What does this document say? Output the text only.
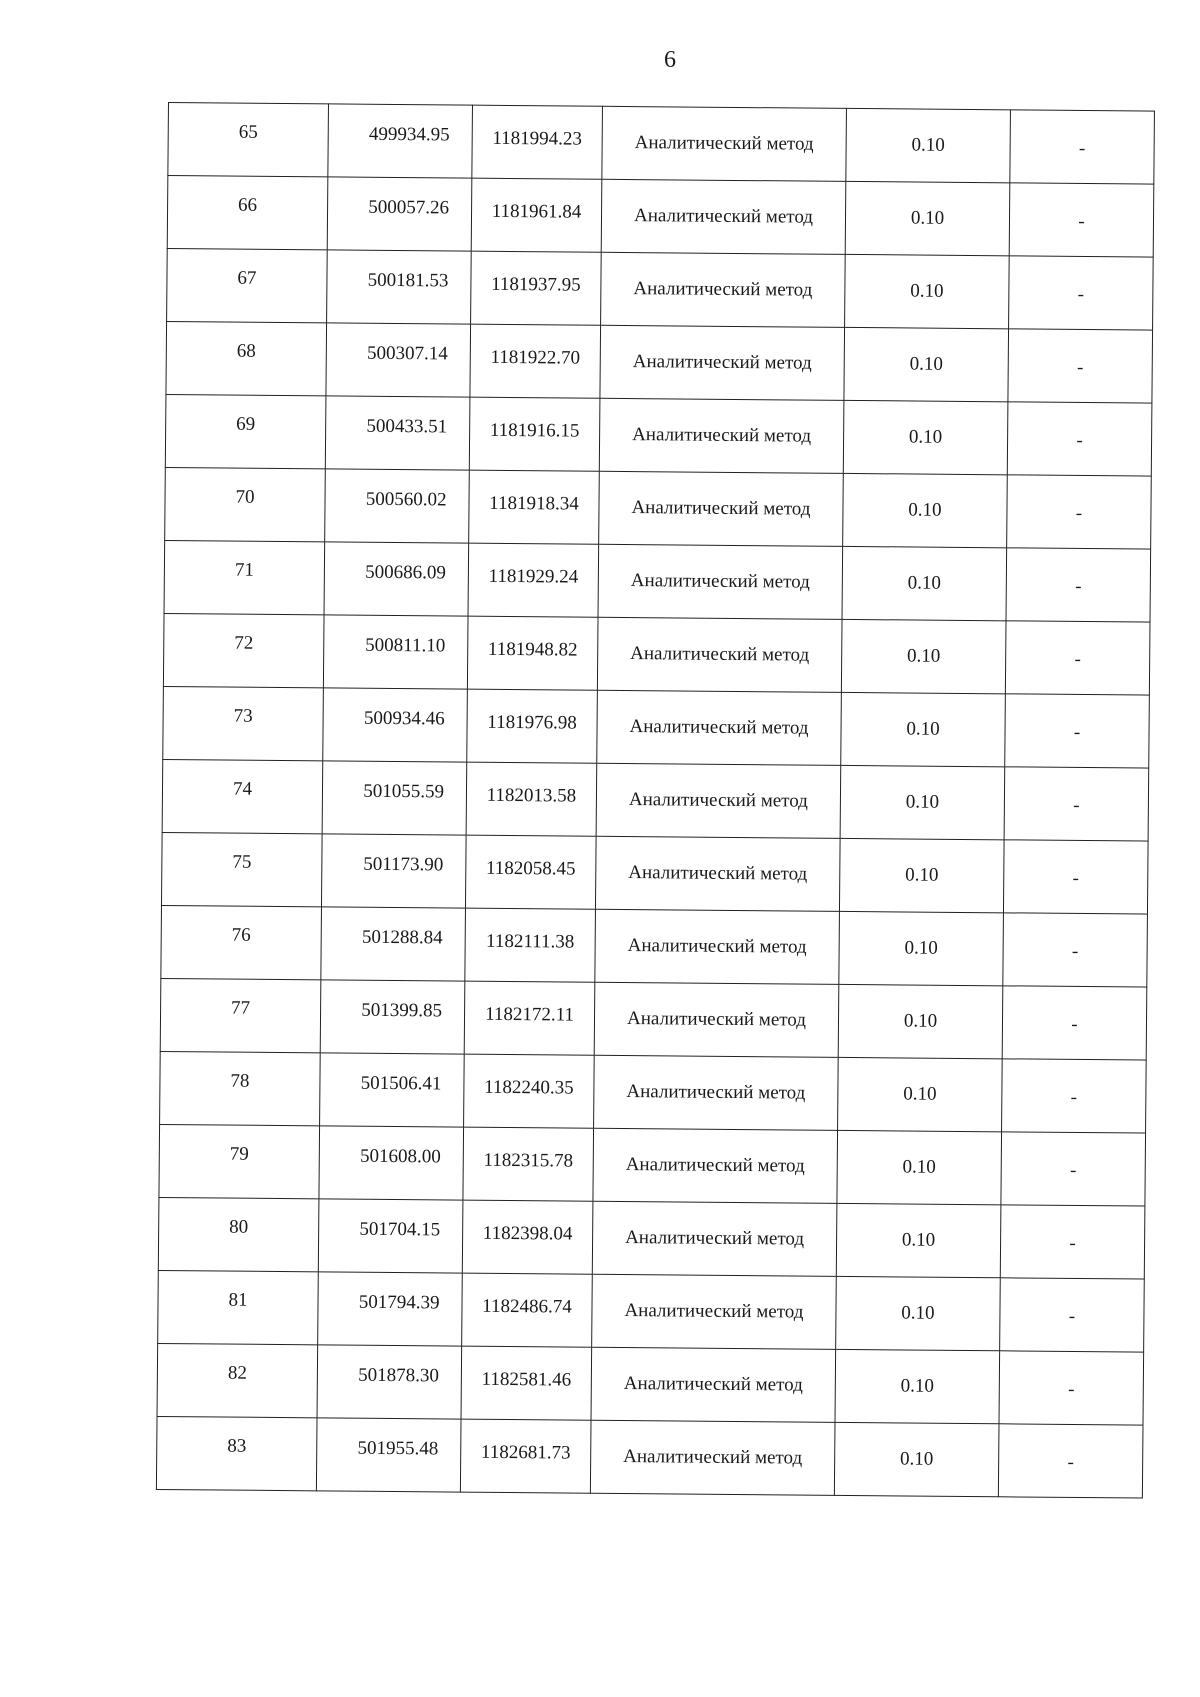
6
65	499934.95	1181994.23	Аналитический метод	0.10	-
66	500057.26	1181961.84	Аналитический метод	0.10	-
67	500181.53	1181937.95	Аналитический метод	0.10	-
68	500307.14	1181922.70	Аналитический метод	0.10	-
69	500433.51	1181916.15	Аналитический метод	0.10	-
70	500560.02	1181918.34	Аналитический метод	0.10	-
71	500686.09	1181929.24	Аналитический метод	0.10	-
72	500811.10	1181948.82	Аналитический метод	0.10	-
73	500934.46	1181976.98	Аналитический метод	0.10	-
74	501055.59	1182013.58	Аналитический метод	0.10	-
75	501173.90	1182058.45	Аналитический метод	0.10	-
76	501288.84	1182111.38	Аналитический метод	0.10	-
77	501399.85	1182172.11	Аналитический метод	0.10	-
78	501506.41	1182240.35	Аналитический метод	0.10	-
79	501608.00	1182315.78	Аналитический метод	0.10	-
80	501704.15	1182398.04	Аналитический метод	0.10	-
81	501794.39	1182486.74	Аналитический метод	0.10	-
82	501878.30	1182581.46	Аналитический метод	0.10	-
83	501955.48	1182681.73	Аналитический метод	0.10	-
